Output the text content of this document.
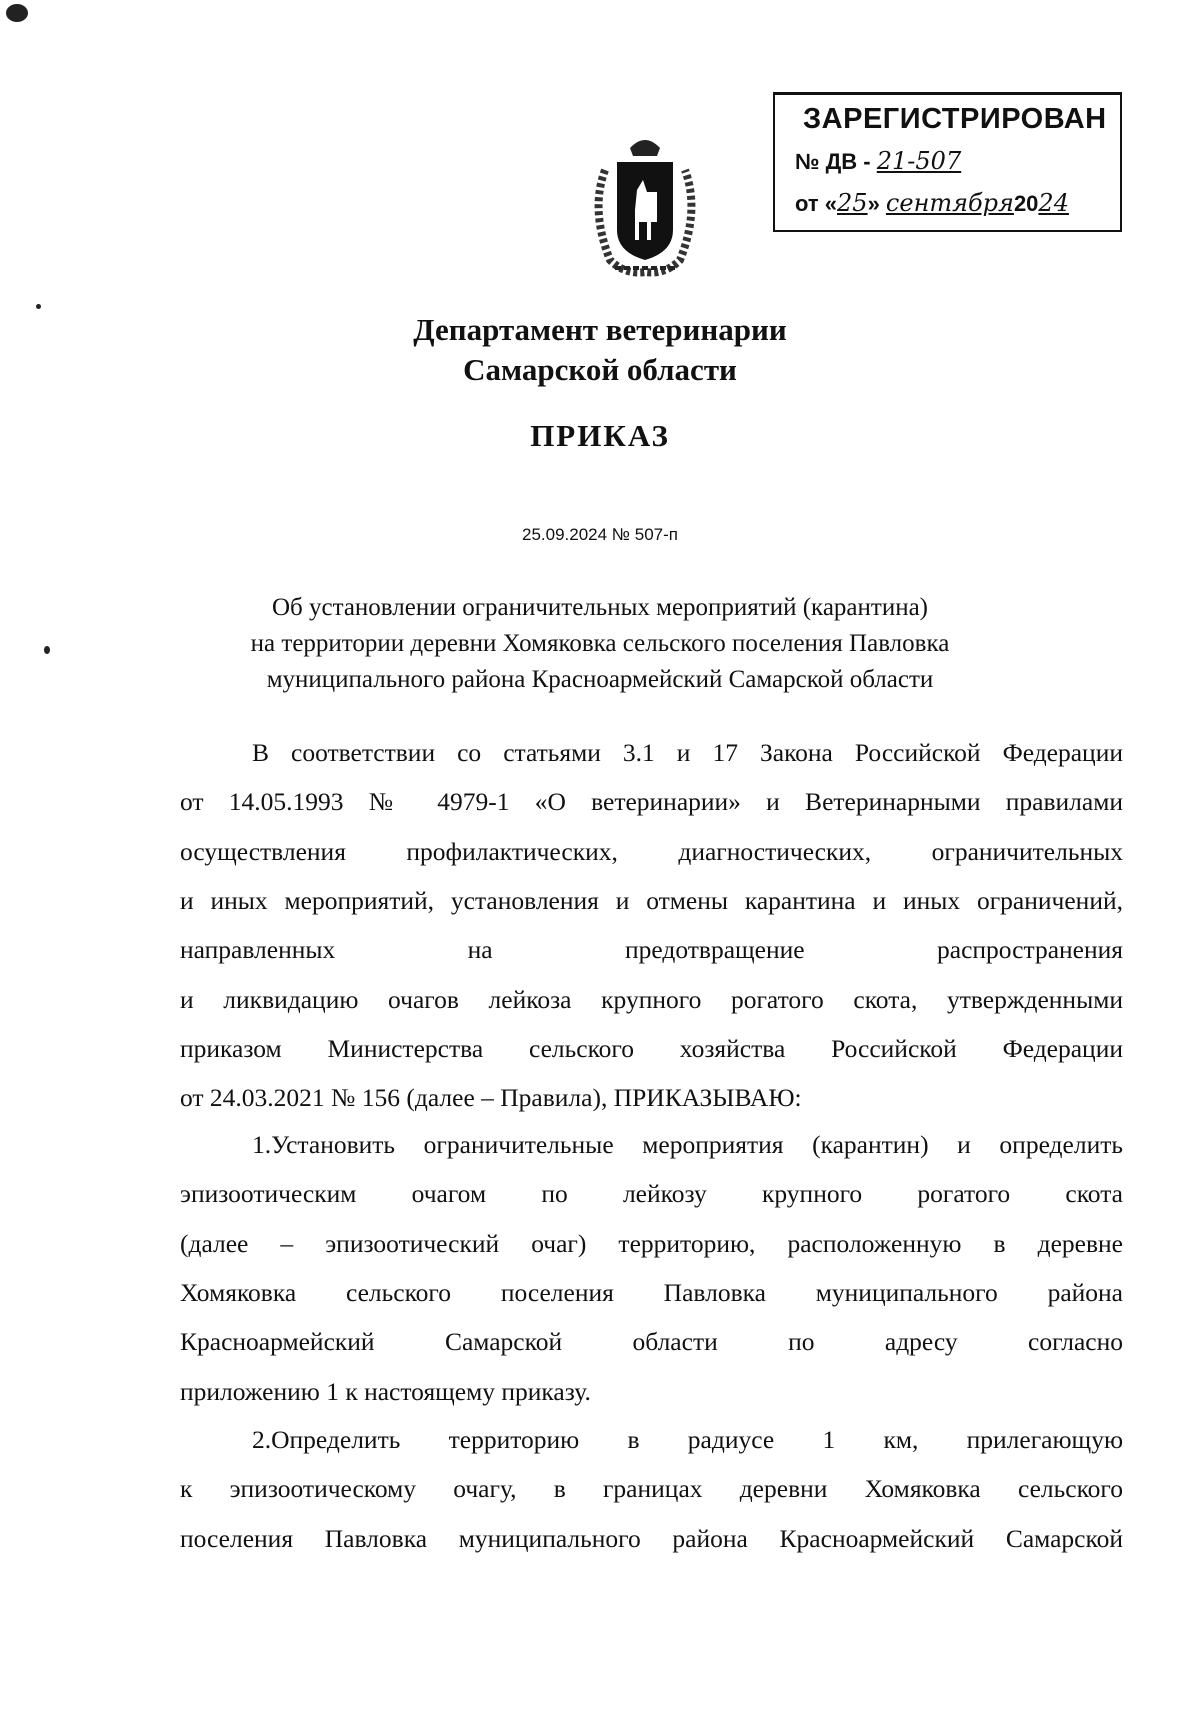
ЗАРЕГИСТРИРОВАН
№ ДВ - 21-507
от «25» сентября2024
Департамент ветеринарии
Самарской области
ПРИКАЗ
25.09.2024 № 507-п
Об установлении ограничительных мероприятий (карантина)
на территории деревни Хомяковка сельского поселения Павловка
муниципального района Красноармейский Самарской области
В соответствии со статьями 3.1 и 17 Закона Российской Федерации
от 14.05.1993 № 4979-1 «О ветеринарии» и Ветеринарными правилами
осуществления профилактических, диагностических, ограничительных
и иных мероприятий, установления и отмены карантина и иных ограничений,
направленных на предотвращение распространения
и ликвидацию очагов лейкоза крупного рогатого скота, утвержденными
приказом Министерства сельского хозяйства Российской Федерации
от 24.03.2021 № 156 (далее – Правила), ПРИКАЗЫВАЮ:
1.Установить ограничительные мероприятия (карантин) и определить
эпизоотическим очагом по лейкозу крупного рогатого скота
(далее – эпизоотический очаг) территорию, расположенную в деревне
Хомяковка сельского поселения Павловка муниципального района
Красноармейский Самарской области по адресу согласно
приложению 1 к настоящему приказу.
2.Определить территорию в радиусе 1 км, прилегающую
к эпизоотическому очагу, в границах деревни Хомяковка сельского
поселения Павловка муниципального района Красноармейский Самарской
